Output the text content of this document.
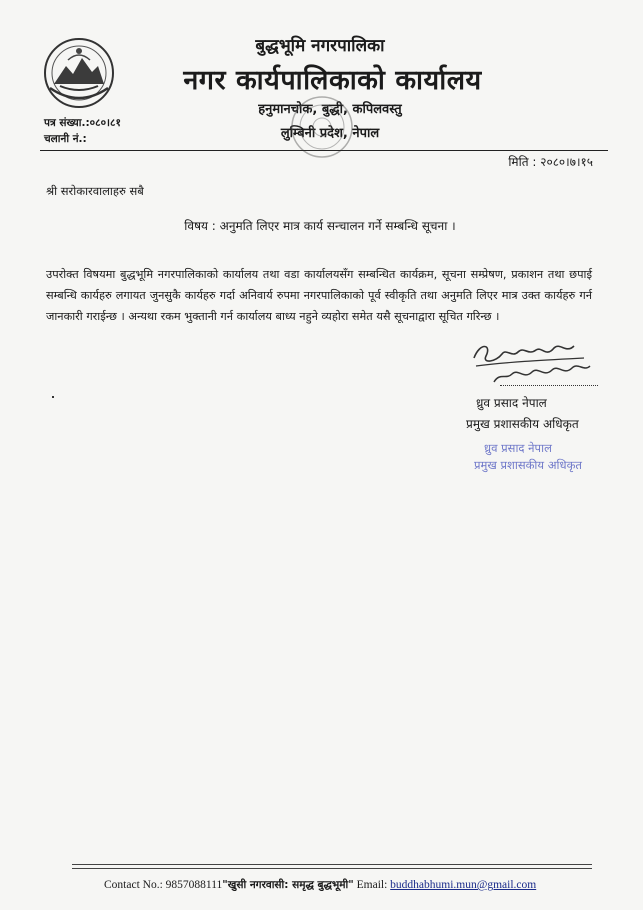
बुद्धभूमि नगरपालिका
नगर कार्यपालिकाको कार्यालय
हनुमानचोक, बुद्धी, कपिलवस्तु
लुम्बिनी प्रदेश, नेपाल
पत्र संख्या.:०८०।८१
चलानी नं.:
मिति : २०८०।७।१५
श्री सरोकारवालाहरु सबै
विषय : अनुमति लिएर मात्र कार्य सन्चालन गर्ने सम्बन्धि सूचना ।
उपरोक्त विषयमा बुद्धभूमि नगरपालिकाको कार्यालय तथा वडा कार्यालयसँग सम्बन्धित कार्यक्रम, सूचना सम्प्रेषण, प्रकाशन तथा छपाई सम्बन्धि कार्यहरु लगायत जुनसुकै कार्यहरु गर्दा अनिवार्य रुपमा नगरपालिकाको पूर्व स्वीकृति तथा अनुमति लिएर मात्र उक्त कार्यहरु गर्न जानकारी गराईन्छ । अन्यथा रकम भुक्तानी गर्न कार्यालय बाध्य नहुने व्यहोरा समेत यसै सूचनाद्वारा सूचित गरिन्छ ।
ध्रुव प्रसाद नेपाल
प्रमुख प्रशासकीय अधिकृत
ध्रुव प्रसाद नेपाल
प्रमुख प्रशासकीय अधिकृत
Contact No.: 9857088111"खुसी नगरवासी: समृद्ध बुद्धभूमी" Email: buddhabhumi.mun@gmail.com
